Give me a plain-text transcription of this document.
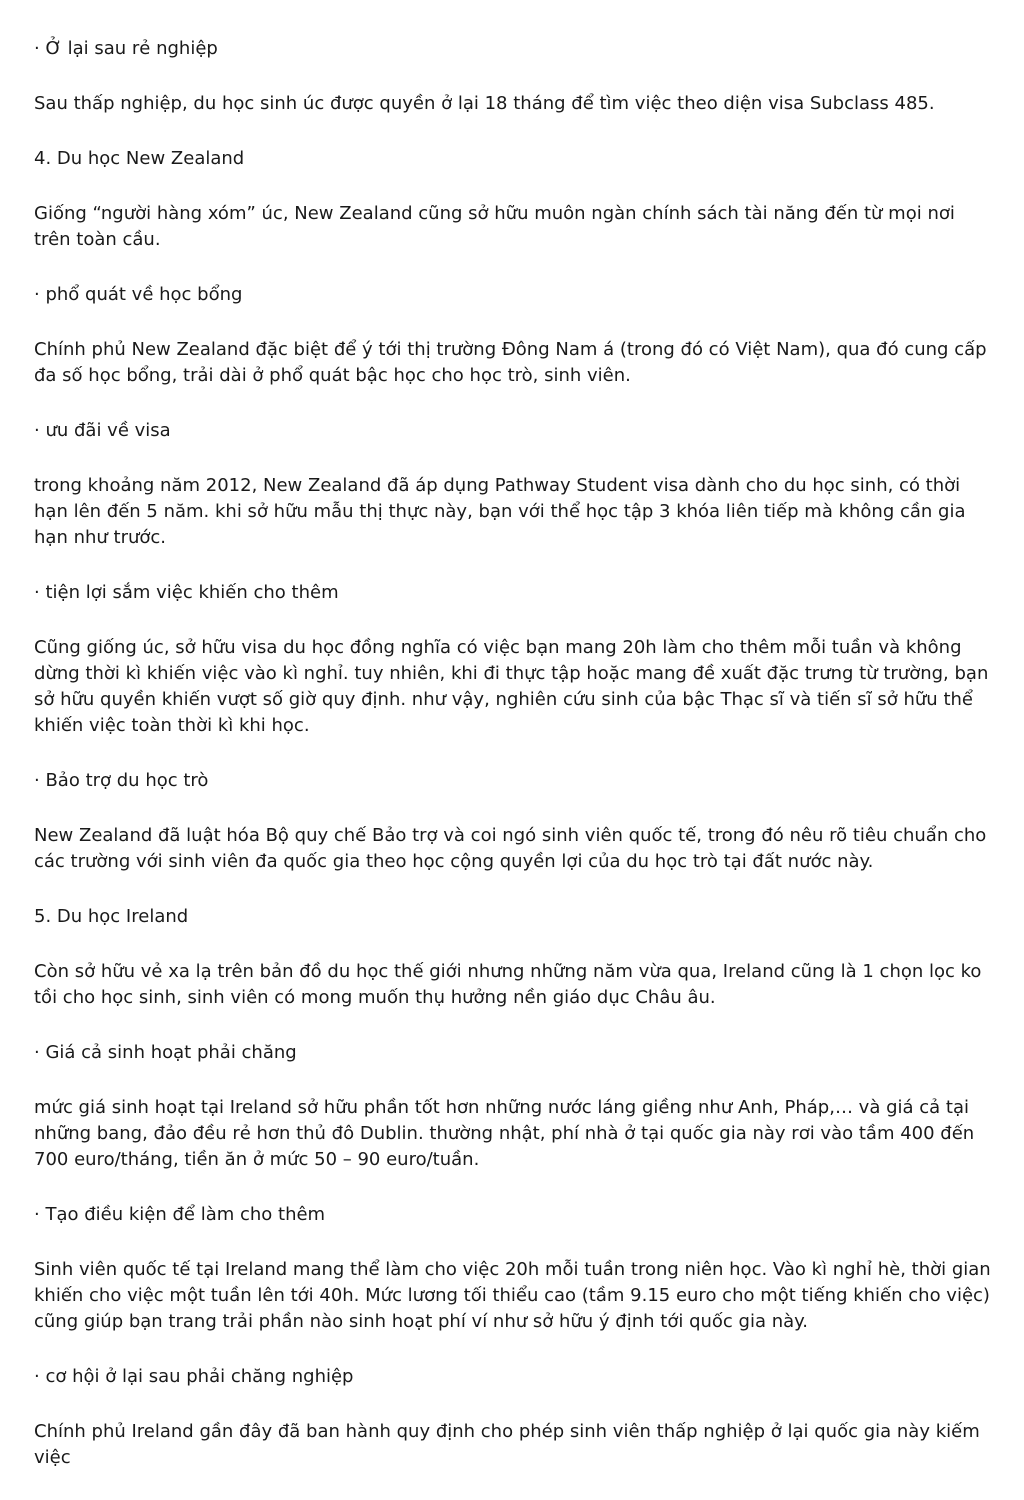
· Ở lại sau rẻ nghiệp

Sau thấp nghiệp, du học sinh úc được quyền ở lại 18 tháng để tìm việc theo diện visa Subclass 485.

4. Du học New Zealand

Giống “người hàng xóm” úc, New Zealand cũng sở hữu muôn ngàn chính sách tài năng đến từ mọi nơi trên toàn cầu.

· phổ quát về học bổng

Chính phủ New Zealand đặc biệt để ý tới thị trường Đông Nam á (trong đó có Việt Nam), qua đó cung cấp đa số học bổng, trải dài ở phổ quát bậc học cho học trò, sinh viên.

· ưu đãi về visa

trong khoảng năm 2012, New Zealand đã áp dụng Pathway Student visa dành cho du học sinh, có thời hạn lên đến 5 năm. khi sở hữu mẫu thị thực này, bạn với thể học tập 3 khóa liên tiếp mà không cần gia hạn như trước.

· tiện lợi sắm việc khiến cho thêm

Cũng giống úc, sở hữu visa du học đồng nghĩa có việc bạn mang 20h làm cho thêm mỗi tuần và không dừng thời kì khiến việc vào kì nghỉ. tuy nhiên, khi đi thực tập hoặc mang đề xuất đặc trưng từ trường, bạn sở hữu quyền khiến vượt số giờ quy định. như vậy, nghiên cứu sinh của bậc Thạc sĩ và tiến sĩ sở hữu thể khiến việc toàn thời kì khi học.

· Bảo trợ du học trò

New Zealand đã luật hóa Bộ quy chế Bảo trợ và coi ngó sinh viên quốc tế, trong đó nêu rõ tiêu chuẩn cho các trường với sinh viên đa quốc gia theo học cộng quyền lợi của du học trò tại đất nước này.

5. Du học Ireland

Còn sở hữu vẻ xa lạ trên bản đồ du học thế giới nhưng những năm vừa qua, Ireland cũng là 1 chọn lọc ko tồi cho học sinh, sinh viên có mong muốn thụ hưởng nền giáo dục Châu âu.

· Giá cả sinh hoạt phải chăng

mức giá sinh hoạt tại Ireland sở hữu phần tốt hơn những nước láng giềng như Anh, Pháp,… và giá cả tại những bang, đảo đều rẻ hơn thủ đô Dublin. thường nhật, phí nhà ở tại quốc gia này rơi vào tầm 400 đến 700 euro/tháng, tiền ăn ở mức 50 – 90 euro/tuần.

· Tạo điều kiện để làm cho thêm

Sinh viên quốc tế tại Ireland mang thể làm cho việc 20h mỗi tuần trong niên học. Vào kì nghỉ hè, thời gian khiến cho việc một tuần lên tới 40h. Mức lương tối thiểu cao (tầm 9.15 euro cho một tiếng khiến cho việc) cũng giúp bạn trang trải phần nào sinh hoạt phí ví như sở hữu ý định tới quốc gia này.

· cơ hội ở lại sau phải chăng nghiệp

Chính phủ Ireland gần đây đã ban hành quy định cho phép sinh viên thấp nghiệp ở lại quốc gia này kiếm việc
